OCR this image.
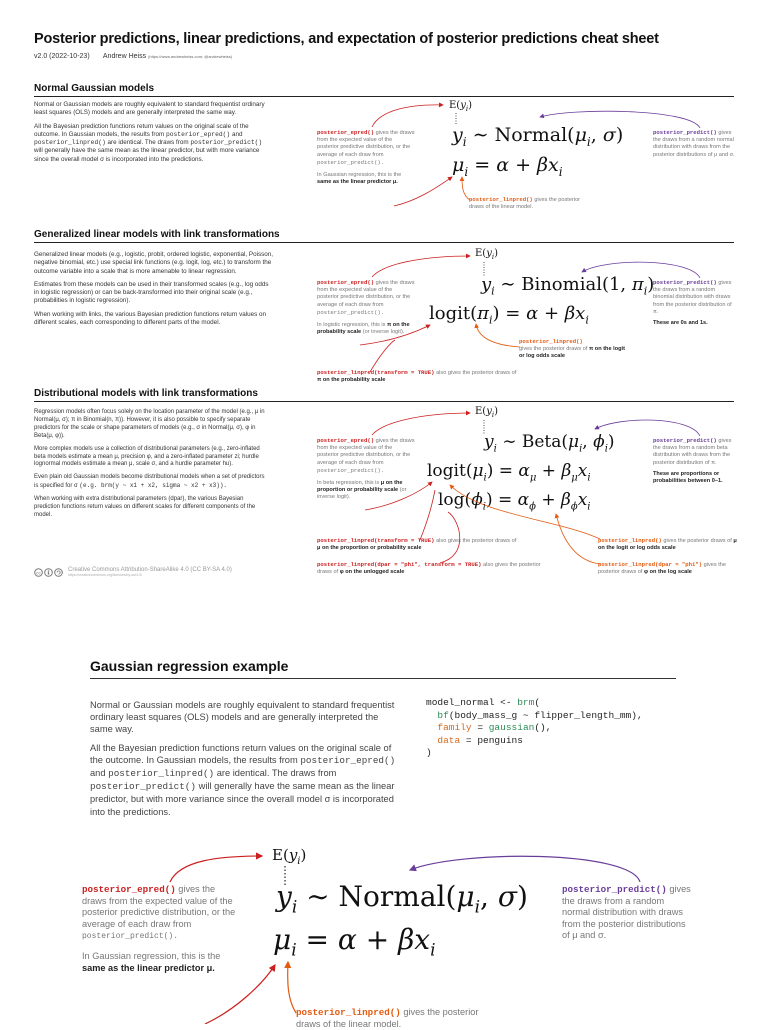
Posterior predictions, linear predictions, and expectation of posterior predictions cheat sheet
v2.0 (2022-10-23) Andrew Heiss (https://www.andrewheiss.com; @andrewheiss)
Normal Gaussian models

Normal or Gaussian models are roughly equivalent to standard frequentist ordinary least squares (OLS) models and are generally interpreted the same way.

All the Bayesian prediction functions return values on the original scale of the outcome. In Gaussian models, the results from posterior_epred() and posterior_linpred() are identical. The draws from posterior_predict() will generally have the same mean as the linear predictor, but with more variance since the overall model σ is incorporated into the predictions.

posterior_epred() gives the draws from the expected value of the posterior predictive distribution, or the average of each draw from posterior_predict().
In Gaussian regression, this is the same as the linear predictor μ.
$E(y_i)$
$y_i$ ∼ $Normal(\mu_i$, σ)
$\mu_i = \alpha + \beta x_i$
posterior_linpred() gives the posterior draws of the linear model.
posterior_predict() gives the draws from a random normal distribution with draws from the posterior distributions of μ and σ.
Generalized linear models with link transformations

Generalized linear models (e.g., logistic, probit, ordered logistic, exponential, Poisson, negative binomial, etc.) use special link functions (e.g. logit, log, etc.) to transform the outcome variable into a scale that is more amenable to linear regression.

Estimates from these models can be used in their transformed scales (e.g., log odds in logistic regression) or can be back-transformed into their original scale (e.g., probabilities in logistic regression).

When working with links, the various Bayesian prediction functions return values on different scales, each corresponding to different parts of the model.

posterior_epred() gives the draws from the expected value of the posterior predictive distribution, or the average of each draw from posterior_predict().
In logistic regression, this is π on the probability scale (or inverse logit).
posterior_linpred(transform = TRUE) also gives the posterior draws of π on the probability scale
$E(y_i)$
$y_i$ ∼ Binomial(1, $\pi_i$)
$logit(\pi_i) = \alpha + \beta x_i$
posterior_linpred()
gives the posterior draws of π on the logit or log odds scale
posterior_predict() gives the draws from a random binomial distribution with draws from the posterior distribution of π.
These are 0s and 1s.
Distributional models with link transformations

Regression models often focus solely on the location parameter of the model (e.g., μ in Normal(μ, σ); π in Binomial(n, π)). However, it is also possible to specify separate predictors for the scale or shape parameters of models (e.g., σ in Normal(μ, σ), φ in Beta(μ, φ)).

More complex models use a collection of distributional parameters (e.g., zero-inflated beta models estimate a mean μ, precision φ, and a zero-inflated parameter zi; hurdle lognormal models estimate a mean μ, scale σ, and a hurdle parameter hu).

Even plain old Gaussian models become distributional models when a set of predictors is specified for σ (e.g. brm(y ~ x1 + x2, sigma ~ x2 + x3)).

When working with extra distributional parameters (dpar), the various Bayesian prediction functions return values on different scales for different components of the model.

posterior_epred() gives the draws from the expected value of the posterior predictive distribution, or the average of each draw from posterior_predict().
In beta regression, this is μ on the proportion or probability scale (or inverse logit).
posterior_linpred(transform = TRUE) also gives the posterior draws of μ on the proportion or probability scale
posterior_linpred(dpar = "phi", transform = TRUE) also gives the posterior draws of φ on the unlogged scale
$E(y_i)$
$y_i$ ∼ $Beta(\mu_i$, $\phi_i$)
$logit(\mu_i) = \alpha_\mu + \beta_\mu x_i$
$\log(\phi_i) = \alpha_\phi + \beta_\phi x_i$
posterior_linpred() gives the posterior draws of μ on the logit or log odds scale
posterior_linpred(dpar = "phi") gives the posterior draws of φ on the log scale
posterior_predict() gives the draws from a random beta distribution with draws from the posterior distribution of π.
These are proportions or probabilities between 0–1.
cc	Creative Commons Attribution-ShareAlike 4.0 (CC BY-SA 4.0)
https://creativecommons.org/licenses/by-sa/4.0/
Gaussian regression example

Normal or Gaussian models are roughly equivalent to standard frequentist ordinary least squares (OLS) models and are generally interpreted the same way.

All the Bayesian prediction functions return values on the original scale of the outcome. In Gaussian models, the results from posterior_epred() and posterior_linpred() are identical. The draws from posterior_predict() will generally have the same mean as the linear predictor, but with more variance since the overall model σ is incorporated into the predictions.

model_normal <- brm(
bf(body_mass_g ~ flipper_length_mm),
family = gaussian(),
data = penguins
)
posterior_epred() gives the draws from the expected value of the posterior predictive distribution, or the average of each draw from posterior_predict().
In Gaussian regression, this is the same as the linear predictor μ.
$E(y_i)$
$y_i$ ∼ $Normal(\mu_i$, σ)
$\mu_i = \alpha + \beta x_i$
posterior_linpred() gives the posterior draws of the linear model.
posterior_predict() gives the draws from a random normal distribution with draws from the posterior distributions of μ and σ.
